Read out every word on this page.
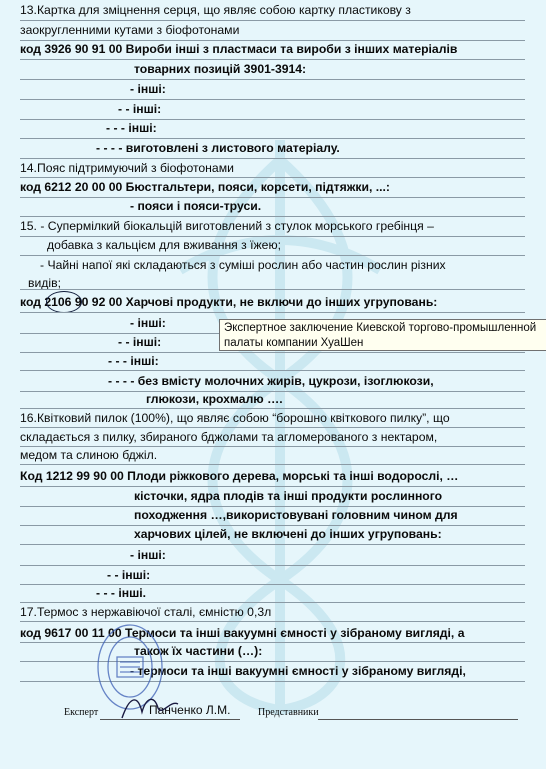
13.Картка для зміцнення серця, що являє собою картку пластикову з
заокругленними кутами з біофотонами
код 3926 90 91 00 Вироби інші з пластмаси та вироби з інших матеріалів
товарних позицій 3901-3914:
- інші:
- - інші:
- - - інші:
- - - - виготовлені з листового матеріалу.
14.Пояс підтримуючий з біофотонами
код 6212 20 00 00 Бюстгальтери, пояси, корсети, підтяжки, ...:
- пояси і пояси-труси.
15. - Супермілкий біокальцій виготовлений з стулок морського гребінця –
добавка з кальцієм для вживання з їжею;
- Чайні напої які складаються з суміші рослин або частин рослин різних
видів;
код 2106 90 92 00 Харчові продукти, не включи до інших угруповань:
- інші:
- - інші:
- - - інші:
- - - - без вмісту молочних жирів, цукрози, ізоглюкози,
глюкози, крохмалю ….
16.Квітковий пилок (100%), що являє собою “борошно квіткового пилку”, що
складається з пилку, збираного бджолами та агломерованого з нектаром,
медом та слиною бджіл.
Код 1212 99 90 00 Плоди ріжкового дерева, морські та інші водорослі, …
кісточки, ядра плодів та інші продукти рослинного
походження …,використовувані головним чином для
харчових цілей, не включені до інших угруповань:
- інші:
- - інші:
- - - інші.
17.Термос з нержавіючої сталі, ємністю 0,3л
код 9617 00 11 00 Термоси та інші вакуумні ємності у зібраному вигляді, а
також їх частини (…):
- термоси та інші вакуумні ємності у зібраному вигляді,
Експерт	Панченко Л.М.	Представники
Экспертное заключение Киевской торгово-промышленной палаты компании ХуаШен
